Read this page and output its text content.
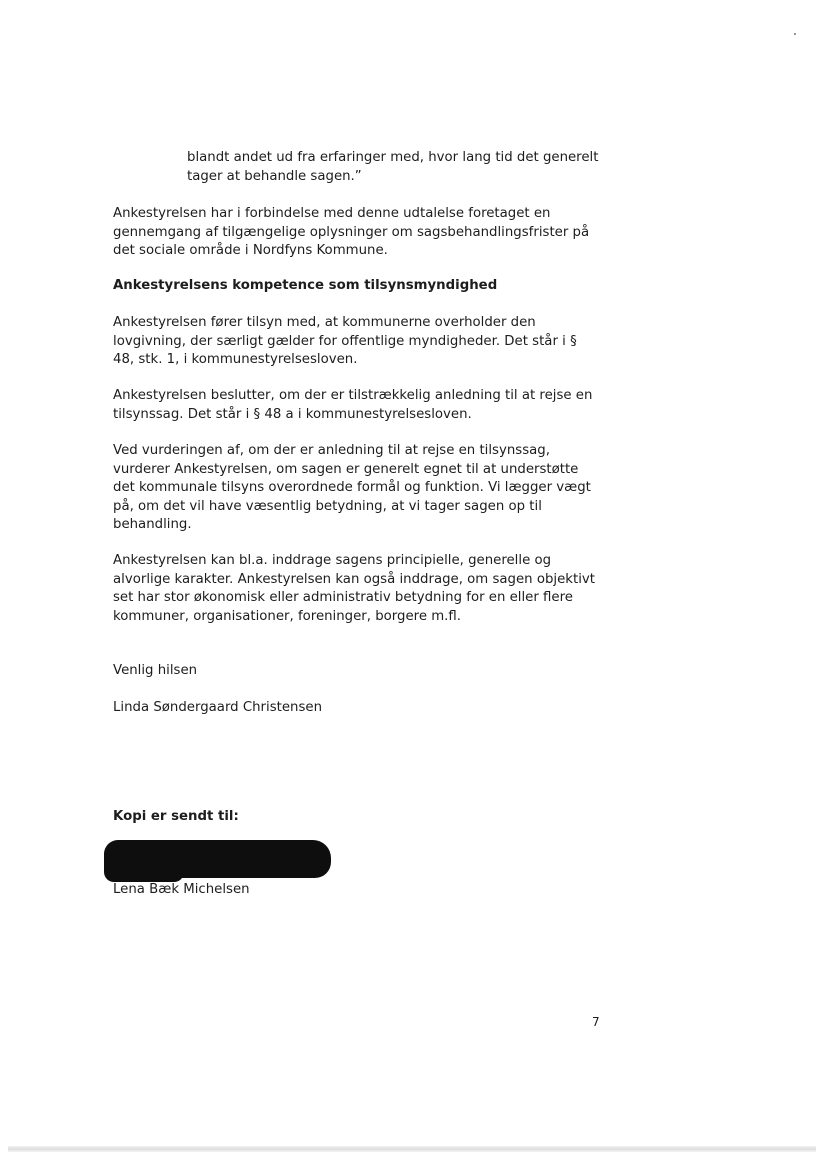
blandt andet ud fra erfaringer med, hvor lang tid det generelt
tager at behandle sagen.”

Ankestyrelsen har i forbindelse med denne udtalelse foretaget en
gennemgang af tilgængelige oplysninger om sagsbehandlingsfrister på
det sociale område i Nordfyns Kommune.

Ankestyrelsens kompetence som tilsynsmyndighed

Ankestyrelsen fører tilsyn med, at kommunerne overholder den
lovgivning, der særligt gælder for offentlige myndigheder. Det står i §
48, stk. 1, i kommunestyrelsesloven.

Ankestyrelsen beslutter, om der er tilstrækkelig anledning til at rejse en
tilsynssag. Det står i § 48 a i kommunestyrelsesloven.

Ved vurderingen af, om der er anledning til at rejse en tilsynssag,
vurderer Ankestyrelsen, om sagen er generelt egnet til at understøtte
det kommunale tilsyns overordnede formål og funktion. Vi lægger vægt
på, om det vil have væsentlig betydning, at vi tager sagen op til
behandling.

Ankestyrelsen kan bl.a. inddrage sagens principielle, generelle og
alvorlige karakter. Ankestyrelsen kan også inddrage, om sagen objektivt
set har stor økonomisk eller administrativ betydning for en eller flere
kommuner, organisationer, foreninger, borgere m.fl.

Venlig hilsen

Linda Søndergaard Christensen

Kopi er sendt til:

Lena Bæk Michelsen

7
